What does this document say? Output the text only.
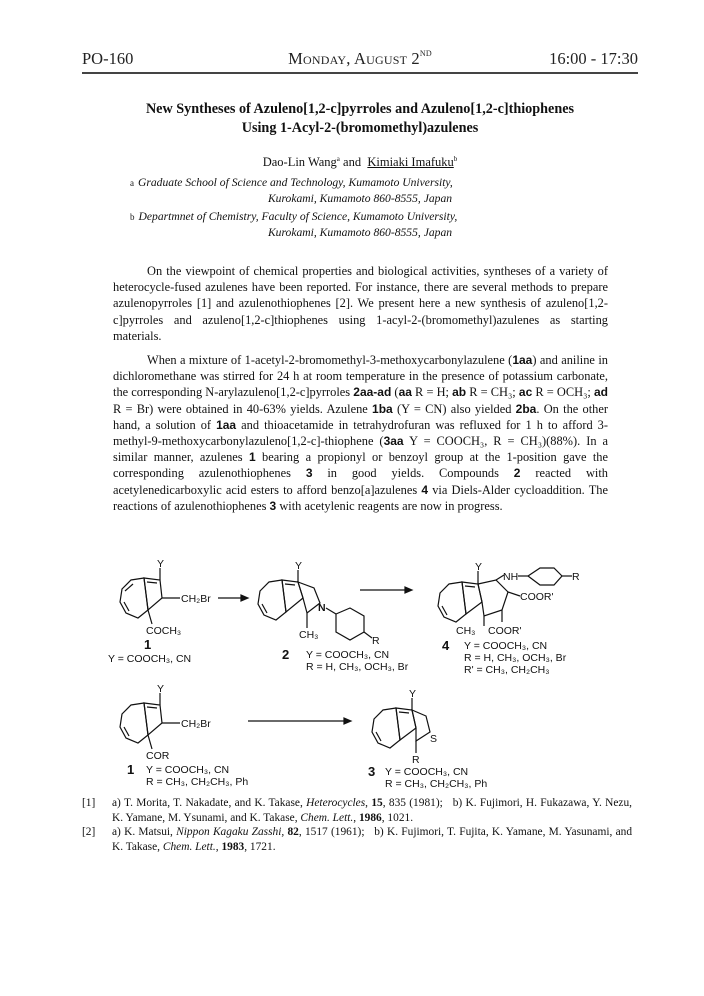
PO-160	Monday, August 2ND	16:00 - 17:30
New Syntheses of Azuleno[1,2-c]pyrroles and Azuleno[1,2-c]thiophenes
Using 1-Acyl-2-(bromomethyl)azulenes
Dao-Lin Wang$^a$ and  Kimiaki Imafuku$^b$
a Graduate School of Science and Technology, Kumamoto University,
Kurokami, Kumamoto 860-8555, Japan
b Departmnet of Chemistry, Faculty of Science, Kumamoto University,
Kurokami, Kumamoto 860-8555, Japan

On the viewpoint of chemical properties and biological activities, syntheses of a variety of heterocycle-fused azulenes have been reported. For instance, there are several methods to prepare azulenopyrroles [1] and azulenothiophenes [2]. We present here a new synthesis of azuleno[1,2-c]pyrroles and azuleno[1,2-c]thiophenes using 1-acyl-2-(bromomethyl)azulenes as starting materials.

When a mixture of 1-acetyl-2-bromomethyl-3-methoxycarbonylazulene (1aa) and aniline in dichloromethane was stirred for 24 h at room temperature in the presence of potassium carbonate, the corresponding N-arylazuleno[1,2-c]pyrroles 2aa-ad (aa R = H; ab R = CH₃; ac R = OCH₃; ad R = Br) were obtained in 40-63% yields. Azulene 1ba (Y = CN) also yielded 2ba. On the other hand, a solution of 1aa and thioacetamide in tetrahydrofuran was refluxed for 1 h to afford 3-methyl-9-methoxycarbonylazuleno[1,2-c]-thiophene (3aa Y = COOCH₃, R = CH₃)(88%). In a similar manner, azulenes 1 bearing a propionyl or benzoyl group at the 1-position gave the corresponding azulenothiophenes 3 in good yields. Compounds 2 reacted with acetylenedicarboxylic acid esters to afford benzo[a]azulenes 4 via Diels-Alder cycloaddition. The reactions of azulenothiophenes 3 with acetylenic reagents are now in progress.

Y
CH₂Br
COCH₃
1
Y = COOCH₃, CN
Y
N
CH₃	R
2 Y = COOCH₃, CN
R = H, CH₃, OCH₃, Br
Y
NH	R
COOR'
COOR'
CH₃
4 Y = COOCH₃, CN
R = H, CH₃, OCH₃, Br
R' = CH₃, CH₂CH₃
Y
CH₂Br
COR
1 Y = COOCH₃, CN
R = CH₃, CH₂CH₃, Ph
Y
S
R
3 Y = COOCH₃, CN
R = CH₃, CH₂CH₃, Ph
[1]	a) T. Morita, T. Nakadate, and K. Takase, Heterocycles, 15, 835 (1981); b) K. Fujimori, H. Fukazawa, Y. Nezu, K. Yamane, M. Ysunami, and K. Takase, Chem. Lett., 1986, 1021.
[2]	a) K. Matsui, Nippon Kagaku Zasshi, 82, 1517 (1961); b) K. Fujimori, T. Fujita, K. Yamane, M. Yasunami, and K. Takase, Chem. Lett., 1983, 1721.
